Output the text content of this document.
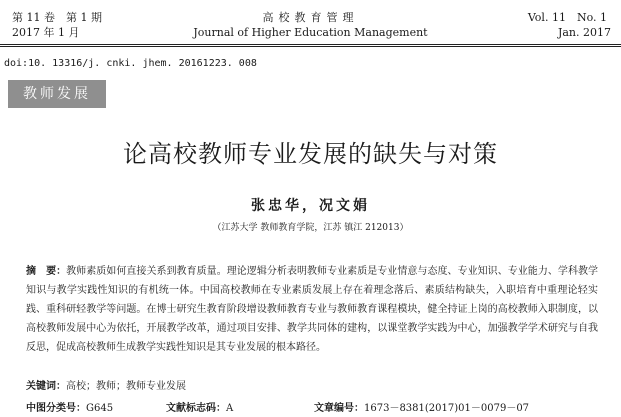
第 11 卷　第 1 期
2017 年 1 月
高校教育管理
Journal of Higher Education Management
Vol. 11　No. 1
Jan. 2017
doi:10. 13316/j. cnki. jhem. 20161223. 008
教师发展
论高校教师专业发展的缺失与对策
张忠华，况文娟
（江苏大学 教师教育学院，江苏 镇江 212013）
摘　要：教师素质如何直接关系到教育质量。理论逻辑分析表明教师专业素质是专业情意与态度、专业知识、专业能力、学科教学知识与教学实践性知识的有机统一体。中国高校教师在专业素质发展上存在着理念落后、素质结构缺失，入职培育中重理论轻实践、重科研轻教学等问题。在博士研究生教育阶段增设教师教育专业与教师教育课程模块，健全持证上岗的高校教师入职制度，以高校教师发展中心为依托，开展教学改革，通过项目安排、教学共同体的建构，以课堂教学实践为中心，加强教学学术研究与自我反思，促成高校教师生成教学实践性知识是其专业发展的根本路径。
关键词：高校；教师；教师专业发展
中图分类号：G645	文献标志码：A	文章编号：1673－8381(2017)01－0079－07
